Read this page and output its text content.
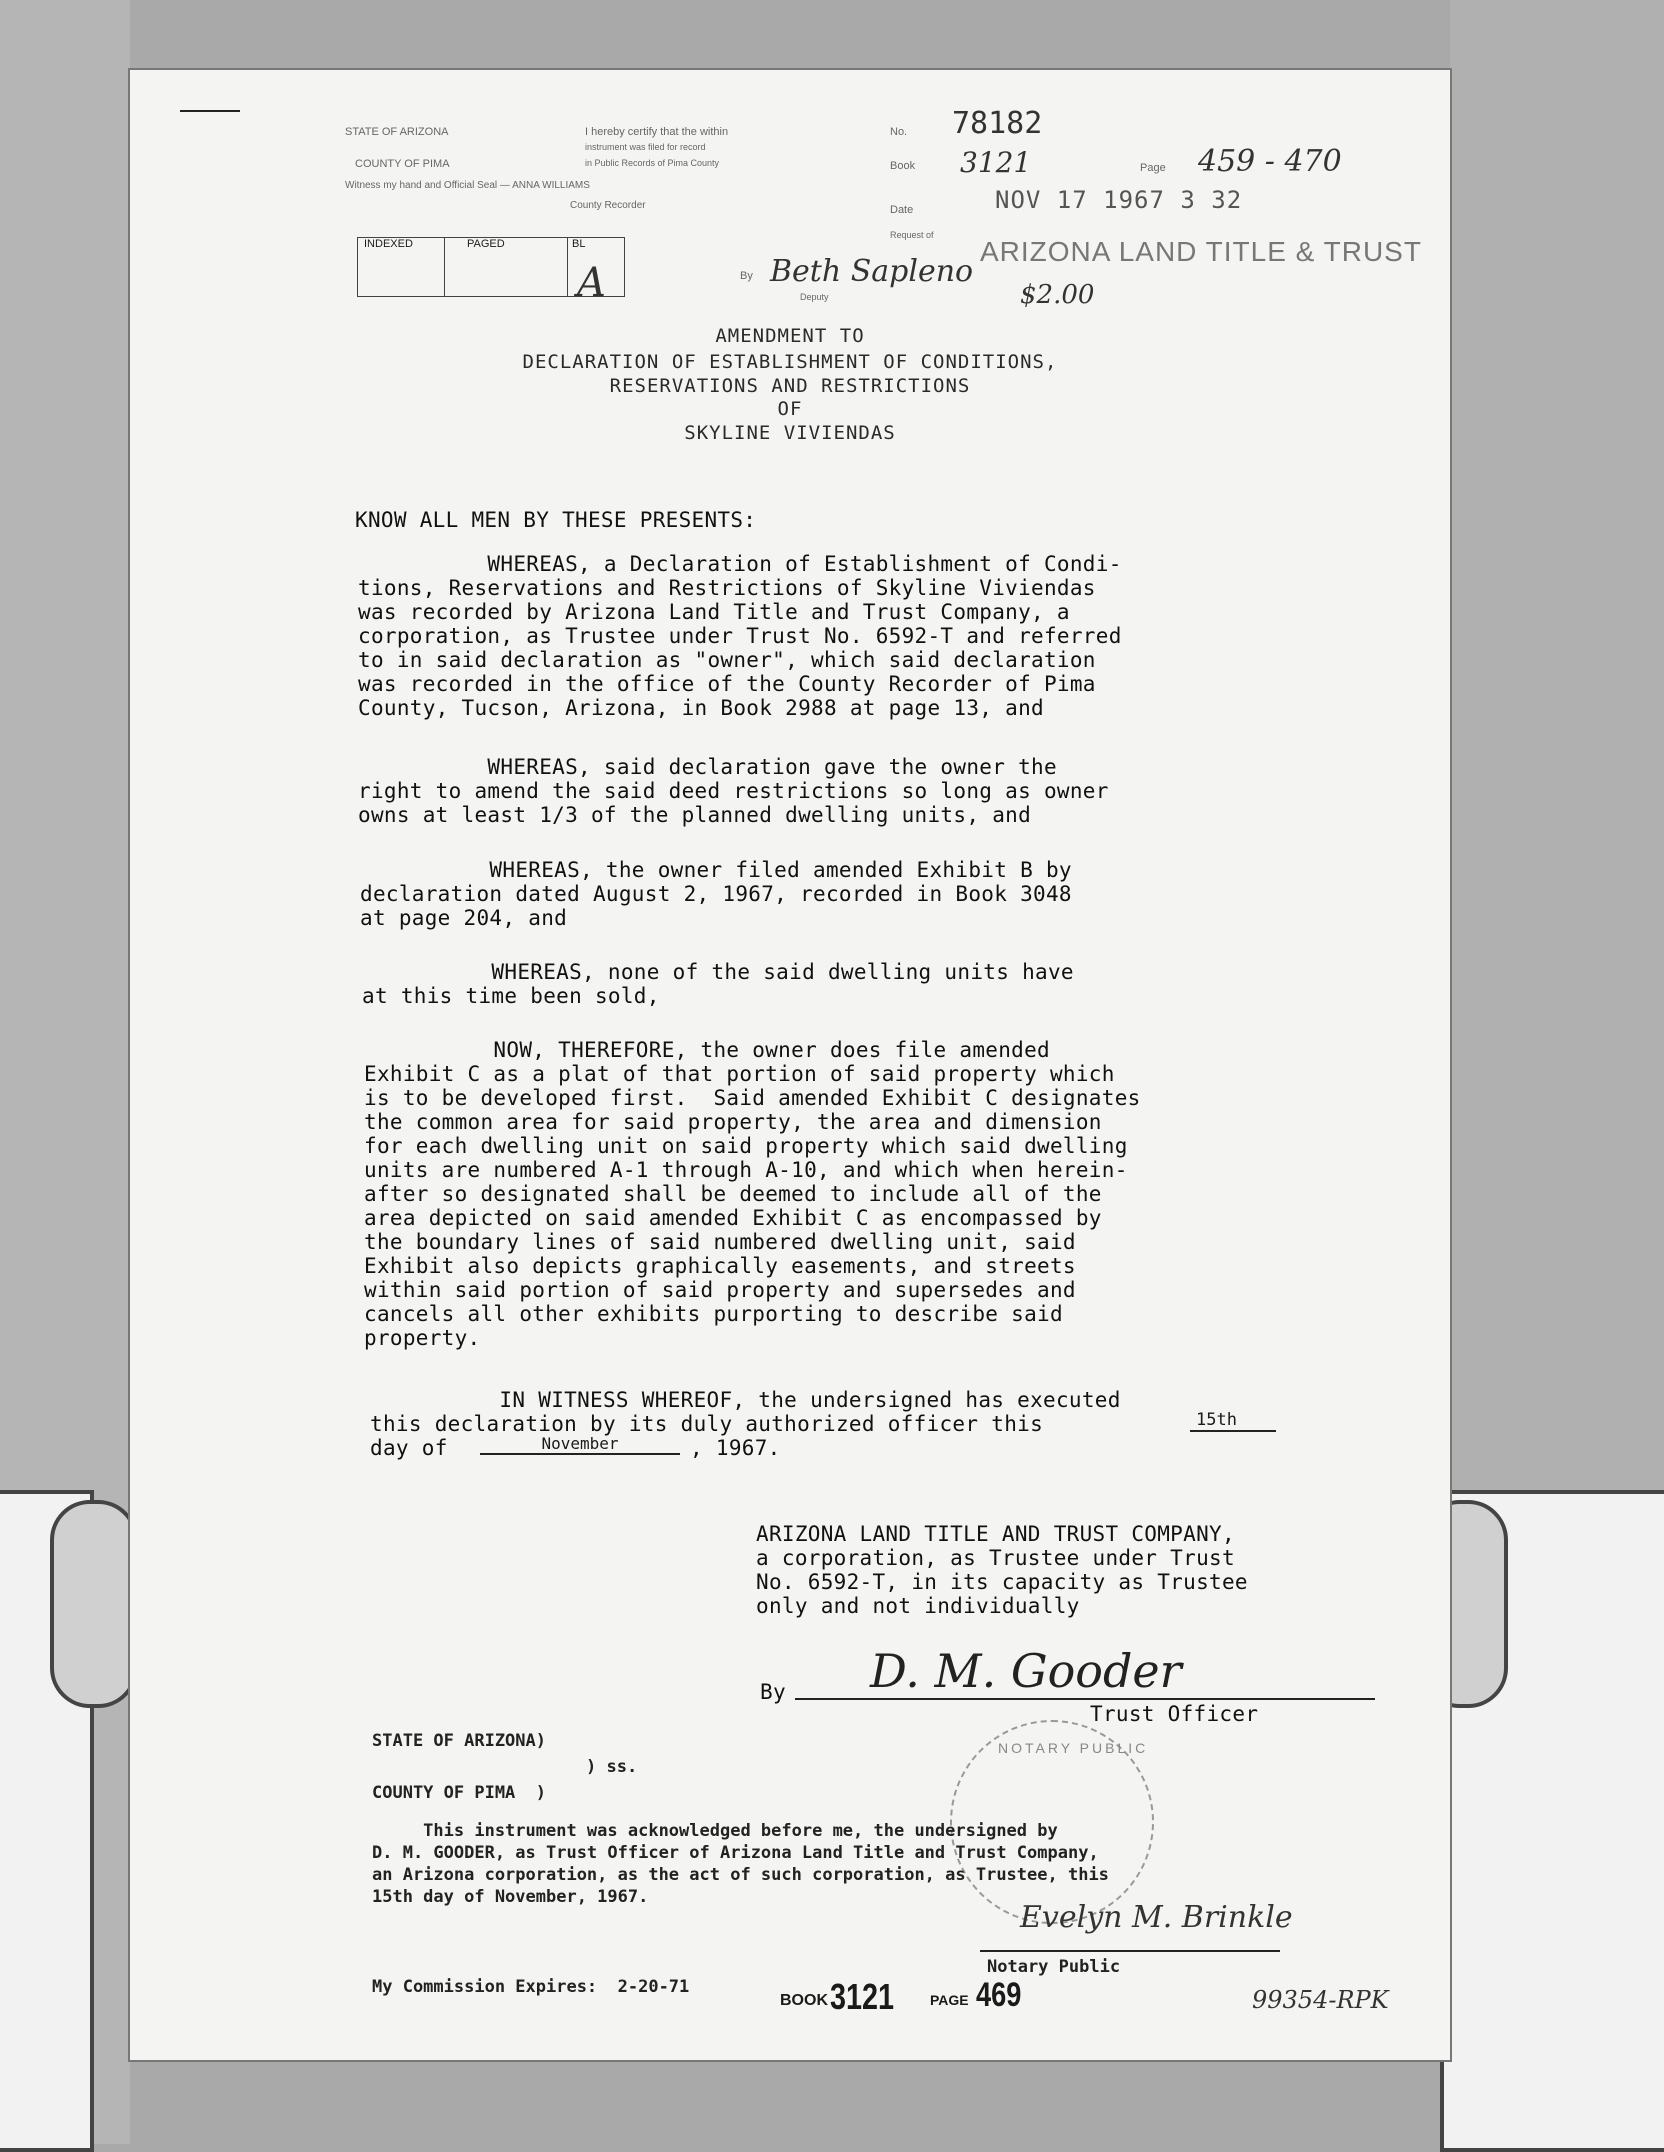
STATE OF ARIZONA
COUNTY OF PIMA
Witness my hand and Official Seal — ANNA WILLIAMS
County Recorder
I hereby certify that the within
instrument was filed for record
in Public Records of Pima County
No. 78182
Book 3121	Page 459 - 470
Date	NOV 17 1967 3 32
Request of
ARIZONA LAND TITLE & TRUST
By Beth Sapleno
Deputy	$2.00
INDEXED	PAGED	BL
A
AMENDMENT TO
DECLARATION OF ESTABLISHMENT OF CONDITIONS,
RESERVATIONS AND RESTRICTIONS
OF
SKYLINE VIVIENDAS
KNOW ALL MEN BY THESE PRESENTS:
WHEREAS, a Declaration of Establishment of Condi-
tions, Reservations and Restrictions of Skyline Viviendas
was recorded by Arizona Land Title and Trust Company, a
corporation, as Trustee under Trust No. 6592-T and referred
to in said declaration as "owner", which said declaration
was recorded in the office of the County Recorder of Pima
County, Tucson, Arizona, in Book 2988 at page 13, and
WHEREAS, said declaration gave the owner the
right to amend the said deed restrictions so long as owner
owns at least 1/3 of the planned dwelling units, and
WHEREAS, the owner filed amended Exhibit B by
declaration dated August 2, 1967, recorded in Book 3048
at page 204, and
WHEREAS, none of the said dwelling units have
at this time been sold,
NOW, THEREFORE, the owner does file amended
Exhibit C as a plat of that portion of said property which
is to be developed first.  Said amended Exhibit C designates
the common area for said property, the area and dimension
for each dwelling unit on said property which said dwelling
units are numbered A-1 through A-10, and which when herein-
after so designated shall be deemed to include all of the
area depicted on said amended Exhibit C as encompassed by
the boundary lines of said numbered dwelling unit, said
Exhibit also depicts graphically easements, and streets
within said portion of said property and supersedes and
cancels all other exhibits purporting to describe said
property.
IN WITNESS WHEREOF, the undersigned has executed
this declaration by its duly authorized officer this	15th
day of	November	, 1967.
ARIZONA LAND TITLE AND TRUST COMPANY,
a corporation, as Trustee under Trust
No. 6592-T, in its capacity as Trustee
only and not individually
By D. M. Gooder
Trust Officer
STATE OF ARIZONA)
) ss.
COUNTY OF PIMA  )
NOTARY PUBLIC
This instrument was acknowledged before me, the undersigned by
D. M. GOODER, as Trust Officer of Arizona Land Title and Trust Company,
an Arizona corporation, as the act of such corporation, as Trustee, this
15th day of November, 1967.
Evelyn M. Brinkle
Notary Public
My Commission Expires:  2-20-71
BOOK 3121	PAGE 469	99354-RPK
